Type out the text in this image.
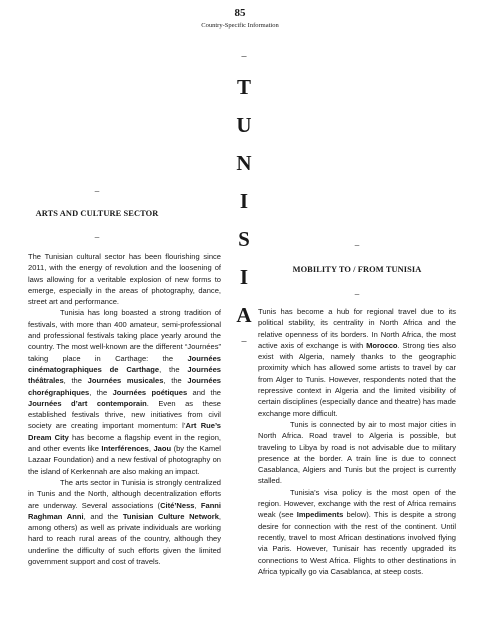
85
Country-Specific Information
–
T
U
N
I
S
I
A
–
–
ARTS AND CULTURE SECTOR
–
–
MOBILITY TO / FROM TUNISIA
–

The Tunisian cultural sector has been flourishing since 2011, with the energy of revolution and the loosening of laws allowing for a veritable explosion of new forms to emerge, especially in the areas of photography, dance, street art and performance.

Tunisia has long boasted a strong tradition of festivals, with more than 400 amateur, semi-professional and professional festivals taking place yearly around the country. The most well-known are the different “Journées” taking place in Carthage: the Journées cinématographiques de Carthage, the Journées théâtrales, the Journées musicales, the Journées chorégraphiques, the Journées poétiques and the Journées d’art contemporain. Even as these established festivals thrive, new initiatives from civil society are creating important momentum: l’Art Rue’s Dream City has become a flagship event in the region, and other events like Interférences, Jaou (by the Kamel Lazaar Foundation) and a new festival of photography on the island of Kerkennah are also making an impact.

The arts sector in Tunisia is strongly centralized in Tunis and the North, although decentralization efforts are underway. Several associations (Cité’Ness, Fanni Raghman Anni, and the Tunisian Culture Network, among others) as well as private individuals are working hard to reach rural areas of the country, although they underline the difficulty of such efforts given the limited government support and cost of travels.

Tunis has become a hub for regional travel due to its political stability, its centrality in North Africa and the relative openness of its borders. In North Africa, the most active axis of exchange is with Morocco. Strong ties also exist with Algeria, namely thanks to the geographic proximity which has allowed some artists to travel by car from Alger to Tunis. However, respondents noted that the repressive context in Algeria and the limited visibility of certain disciplines (especially dance and theatre) has made exchange more difficult.

Tunis is connected by air to most major cities in North Africa. Road travel to Algeria is possible, but traveling to Libya by road is not advisable due to military presence at the border. A train line is due to connect Casablanca, Algiers and Tunis but the project is currently stalled.

Tunisia’s visa policy is the most open of the region. However, exchange with the rest of Africa remains weak (see Impediments below). This is despite a strong desire for connection with the rest of the continent. Until recently, travel to most African destinations involved flying via Paris. However, Tunisair has recently upgraded its connections to West Africa. Flights to other destinations in Africa typically go via Casablanca, at steep costs.
